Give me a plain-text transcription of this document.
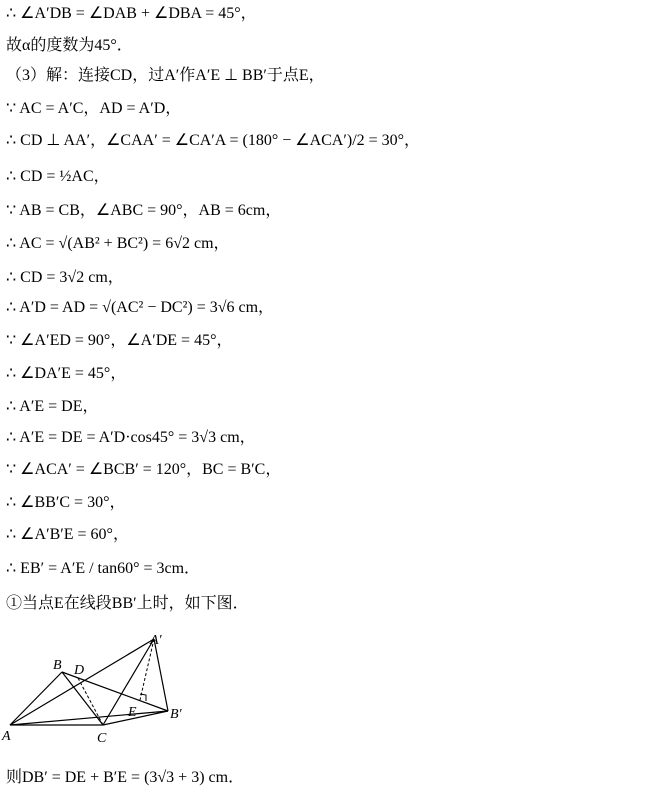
∴ ∠A′DB = ∠DAB + ∠DBA = 45°，
故α的度数为45°．
（3）解：连接CD，过A′作A′E ⊥ BB′于点E，
∵ AC = A′C，AD = A′D，
∴ CD ⊥ AA′，∠CAA′ = ∠CA′A = (180° − ∠ACA′)/2 = 30°，
∴ CD = ½AC，
∵ AB = CB，∠ABC = 90°，AB = 6cm，
∴ AC = √(AB² + BC²) = 6√2 cm，
∴ CD = 3√2 cm，
∴ A′D = AD = √(AC² − DC²) = 3√6 cm，
∵ ∠A′ED = 90°，∠A′DE = 45°，
∴ ∠DA′E = 45°，
∴ A′E = DE，
∴ A′E = DE = A′D·cos45° = 3√3 cm，
∵ ∠ACA′ = ∠BCB′ = 120°，BC = B′C，
∴ ∠BB′C = 30°，
∴ ∠A′B′E = 60°，
∴ EB′ = A′E / tan60° = 3cm．
①当点E在线段BB′上时，如下图．
A
B
C
D
E
A′
B′
则DB′ = DE + B′E = (3√3 + 3) cm．
